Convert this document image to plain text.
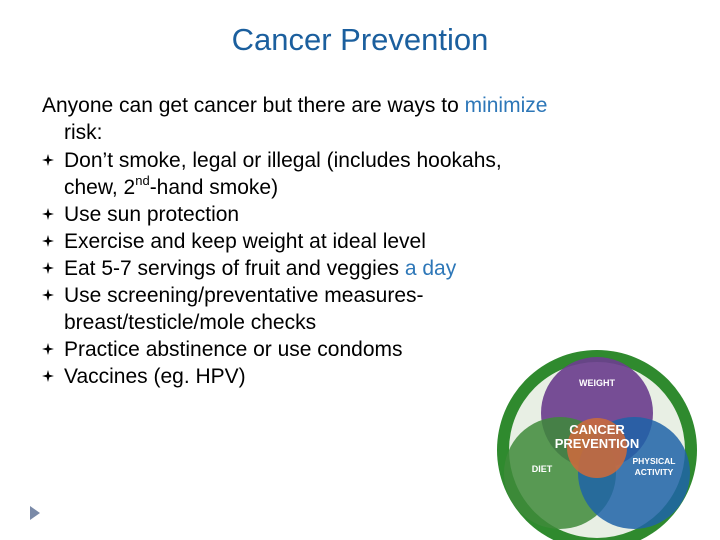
Cancer Prevention
Anyone can get cancer but there are ways to minimize
risk:
Don’t smoke, legal or illegal (includes hookahs,
chew, 2nd-hand smoke)
Use sun protection
Exercise and keep weight at ideal level
Eat 5-7 servings of fruit and veggies a day
Use screening/preventative measures-
breast/testicle/mole checks
Practice abstinence or use condoms
Vaccines (eg. HPV)	WEIGHT
CANCER
PREVENTION
DIET
PHYSICAL
ACTIVITY
